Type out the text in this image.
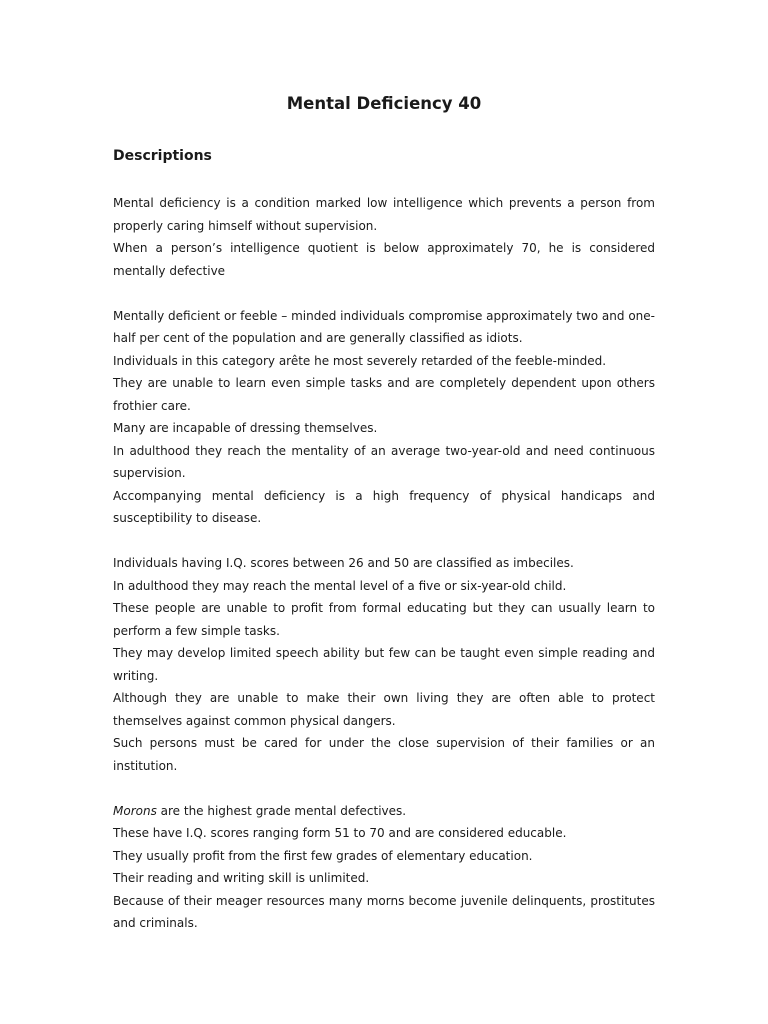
Mental Deficiency 40
Descriptions
Mental deficiency is a condition marked low intelligence which prevents a person from properly caring himself without supervision.
When a person’s intelligence quotient is below approximately 70, he is considered mentally defective
Mentally deficient or feeble – minded individuals compromise approximately two and one-half per cent of the population and are generally classified as idiots.
Individuals in this category arête he most severely retarded of the feeble-minded.
They are unable to learn even simple tasks and are completely dependent upon others frothier care.
Many are incapable of dressing themselves.
In adulthood they reach the mentality of an average two-year-old and need continuous supervision.
Accompanying mental deficiency is a high frequency of physical handicaps and susceptibility to disease.
Individuals having I.Q. scores between 26 and 50 are classified as imbeciles.
In adulthood they may reach the mental level of a five or six-year-old child.
These people are unable to profit from formal educating but they can usually learn to perform a few simple tasks.
They may develop limited speech ability but few can be taught even simple reading and writing.
Although they are unable to make their own living they are often able to protect themselves against common physical dangers.
Such persons must be cared for under the close supervision of their families or an institution.
Morons are the highest grade mental defectives.
These have I.Q. scores ranging form 51 to 70 and are considered educable.
They usually profit from the first few grades of elementary education.
Their reading and writing skill is unlimited.
Because of their meager resources many morns become juvenile delinquents, prostitutes and criminals.
